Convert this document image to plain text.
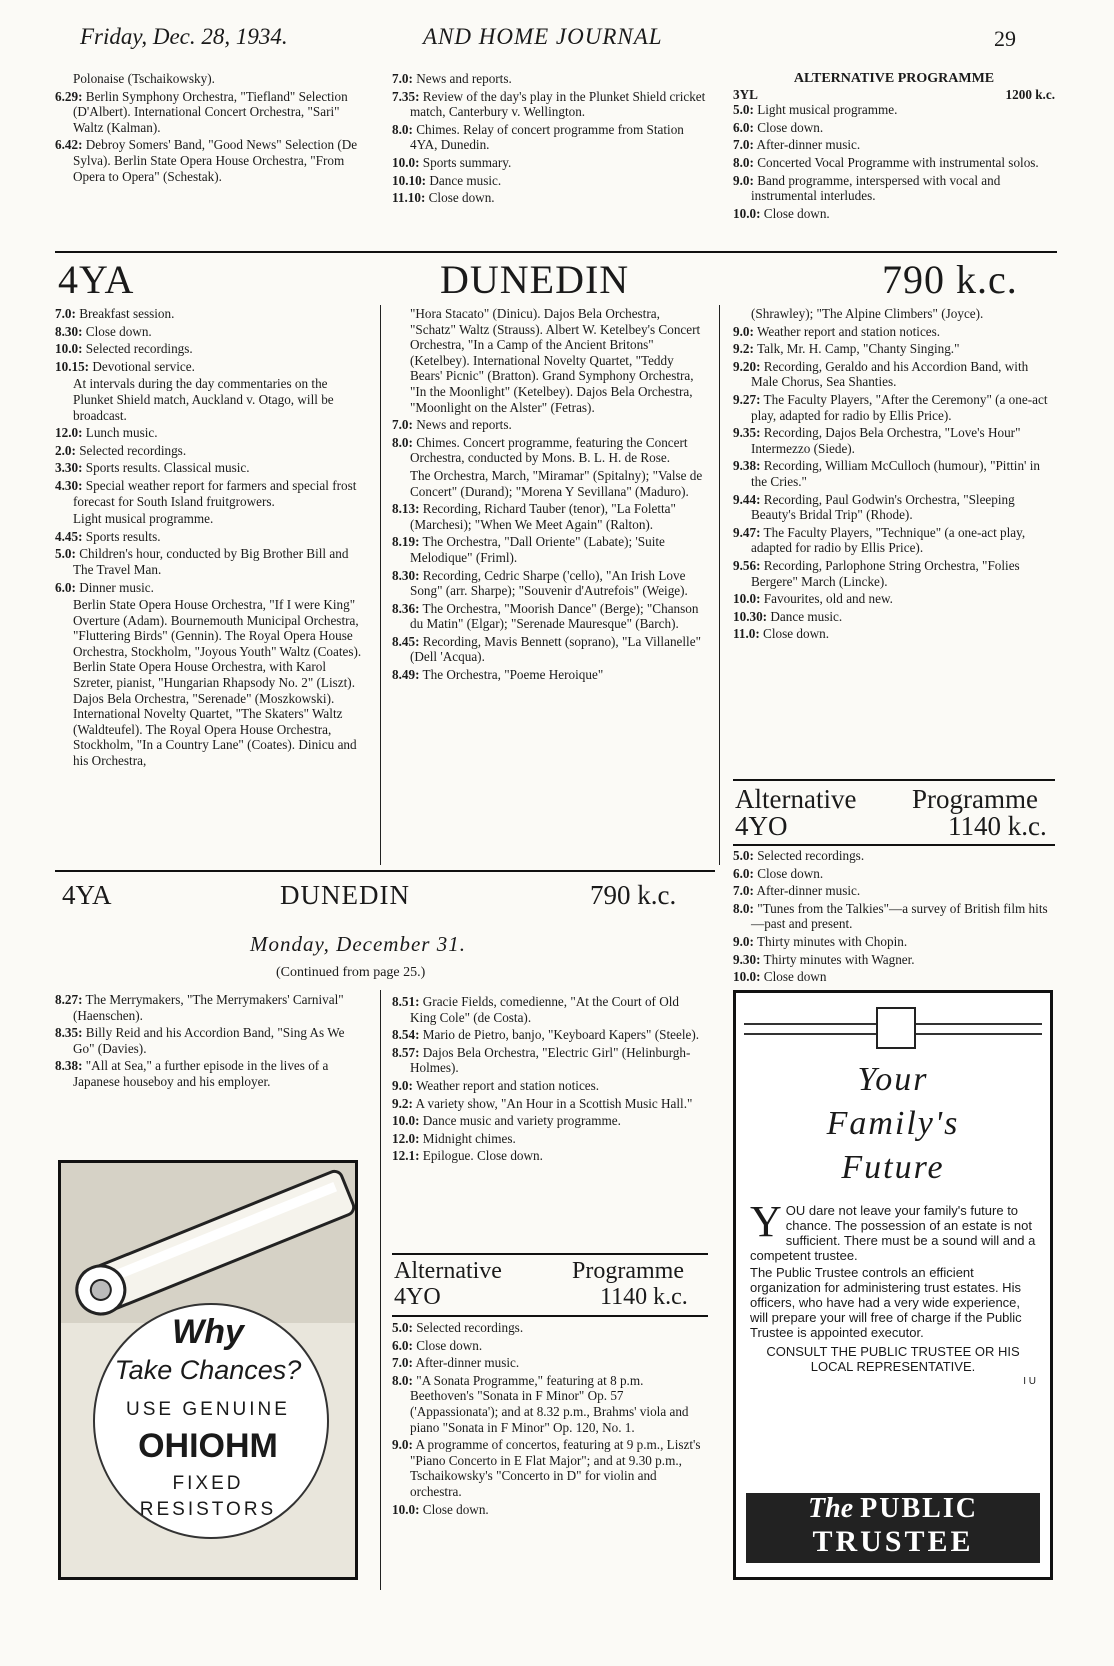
Friday, Dec. 28, 1934.	AND HOME JOURNAL	29

Polonaise (Tschaikowsky).

6.29: Berlin Symphony Orchestra, "Tiefland" Selection (D'Albert). International Concert Orchestra, "Sari" Waltz (Kalman).

6.42: Debroy Somers' Band, "Good News" Selection (De Sylva). Berlin State Opera House Orchestra, "From Opera to Opera" (Schestak).

7.0: News and reports.

7.35: Review of the day's play in the Plunket Shield cricket match, Canterbury v. Wellington.

8.0: Chimes. Relay of concert programme from Station 4YA, Dunedin.

10.0: Sports summary.

10.10: Dance music.

11.10: Close down.

ALTERNATIVE PROGRAMME
3YL	1200 k.c.

5.0: Light musical programme.

6.0: Close down.

7.0: After-dinner music.

8.0: Concerted Vocal Programme with instrumental solos.

9.0: Band programme, interspersed with vocal and instrumental interludes.

10.0: Close down.

4YA	DUNEDIN	790 k.c.

7.0: Breakfast session.

8.30: Close down.

10.0: Selected recordings.

10.15: Devotional service.

At intervals during the day commentaries on the Plunket Shield match, Auckland v. Otago, will be broadcast.

12.0: Lunch music.

2.0: Selected recordings.

3.30: Sports results. Classical music.

4.30: Special weather report for farmers and special frost forecast for South Island fruitgrowers.

Light musical programme.

4.45: Sports results.

5.0: Children's hour, conducted by Big Brother Bill and The Travel Man.

6.0: Dinner music.

Berlin State Opera House Orchestra, "If I were King" Overture (Adam). Bournemouth Municipal Orchestra, "Fluttering Birds" (Gennin). The Royal Opera House Orchestra, Stockholm, "Joyous Youth" Waltz (Coates). Berlin State Opera House Orchestra, with Karol Szreter, pianist, "Hungarian Rhapsody No. 2" (Liszt). Dajos Bela Orchestra, "Serenade" (Moszkowski). International Novelty Quartet, "The Skaters" Waltz (Waldteufel). The Royal Opera House Orchestra, Stockholm, "In a Country Lane" (Coates). Dinicu and his Orchestra,

"Hora Stacato" (Dinicu). Dajos Bela Orchestra, "Schatz" Waltz (Strauss). Albert W. Ketelbey's Concert Orchestra, "In a Camp of the Ancient Britons" (Ketelbey). International Novelty Quartet, "Teddy Bears' Picnic" (Bratton). Grand Symphony Orchestra, "In the Moonlight" (Ketelbey). Dajos Bela Orchestra, "Moonlight on the Alster" (Fetras).

7.0: News and reports.

8.0: Chimes. Concert programme, featuring the Concert Orchestra, conducted by Mons. B. L. H. de Rose.

The Orchestra, March, "Miramar" (Spitalny); "Valse de Concert" (Durand); "Morena Y Sevillana" (Maduro).

8.13: Recording, Richard Tauber (tenor), "La Foletta" (Marchesi); "When We Meet Again" (Ralton).

8.19: The Orchestra, "Dall Oriente" (Labate); 'Suite Melodique" (Friml).

8.30: Recording, Cedric Sharpe ('cello), "An Irish Love Song" (arr. Sharpe); "Souvenir d'Autrefois" (Weige).

8.36: The Orchestra, "Moorish Dance" (Berge); "Chanson du Matin" (Elgar); "Serenade Mauresque" (Barch).

8.45: Recording, Mavis Bennett (soprano), "La Villanelle" (Dell 'Acqua).

8.49: The Orchestra, "Poeme Heroique"

(Shrawley); "The Alpine Climbers" (Joyce).

9.0: Weather report and station notices.

9.2: Talk, Mr. H. Camp, "Chanty Singing."

9.20: Recording, Geraldo and his Accordion Band, with Male Chorus, Sea Shanties.

9.27: The Faculty Players, "After the Ceremony" (a one-act play, adapted for radio by Ellis Price).

9.35: Recording, Dajos Bela Orchestra, "Love's Hour" Intermezzo (Siede).

9.38: Recording, William McCulloch (humour), "Pittin' in the Cries."

9.44: Recording, Paul Godwin's Orchestra, "Sleeping Beauty's Bridal Trip" (Rhode).

9.47: The Faculty Players, "Technique" (a one-act play, adapted for radio by Ellis Price).

9.56: Recording, Parlophone String Orchestra, "Folies Bergere" March (Lincke).

10.0: Favourites, old and new.

10.30: Dance music.

11.0: Close down.

Alternative Programme
4YO	1140 k.c.

5.0: Selected recordings.

6.0: Close down.

7.0: After-dinner music.

8.0: "Tunes from the Talkies"—a survey of British film hits—past and present.

9.0: Thirty minutes with Chopin.

9.30: Thirty minutes with Wagner.

10.0: Close down

4YA	DUNEDIN	790 k.c.
Monday, December 31.
(Continued from page 25.)

8.27: The Merrymakers, "The Merrymakers' Carnival" (Haenschen).

8.35: Billy Reid and his Accordion Band, "Sing As We Go" (Davies).

8.38: "All at Sea," a further episode in the lives of a Japanese houseboy and his employer.

8.51: Gracie Fields, comedienne, "At the Court of Old King Cole" (de Costa).

8.54: Mario de Pietro, banjo, "Keyboard Kapers" (Steele).

8.57: Dajos Bela Orchestra, "Electric Girl" (Helinburgh-Holmes).

9.0: Weather report and station notices.

9.2: A variety show, "An Hour in a Scottish Music Hall."

10.0: Dance music and variety programme.

12.0: Midnight chimes.

12.1: Epilogue. Close down.

Alternative	Programme
4YO	1140 k.c.

5.0: Selected recordings.

6.0: Close down.

7.0: After-dinner music.

8.0: "A Sonata Programme," featuring at 8 p.m. Beethoven's "Sonata in F Minor" Op. 57 ('Appassionata'); and at 8.32 p.m., Brahms' viola and piano "Sonata in F Minor" Op. 120, No. 1.

9.0: A programme of concertos, featuring at 9 p.m., Liszt's "Piano Concerto in E Flat Major"; and at 9.30 p.m., Tschaikowsky's "Concerto in D" for violin and orchestra.

10.0: Close down.

Why
Take Chances?
USE GENUINE
OHIOHM
FIXED
RESISTORS
Your
Family's
Future
Y OU dare not leave your family's future to chance. The possession of an estate is not sufficient. There must be a sound will and a competent trustee.
The Public Trustee controls an efficient organization for administering trust estates. His officers, who have had a very wide experience, will prepare your will free of charge if the Public Trustee is appointed executor.
CONSULT THE PUBLIC TRUSTEE OR HIS LOCAL REPRESENTATIVE.
I U
The PUBLIC
TRUSTEE
